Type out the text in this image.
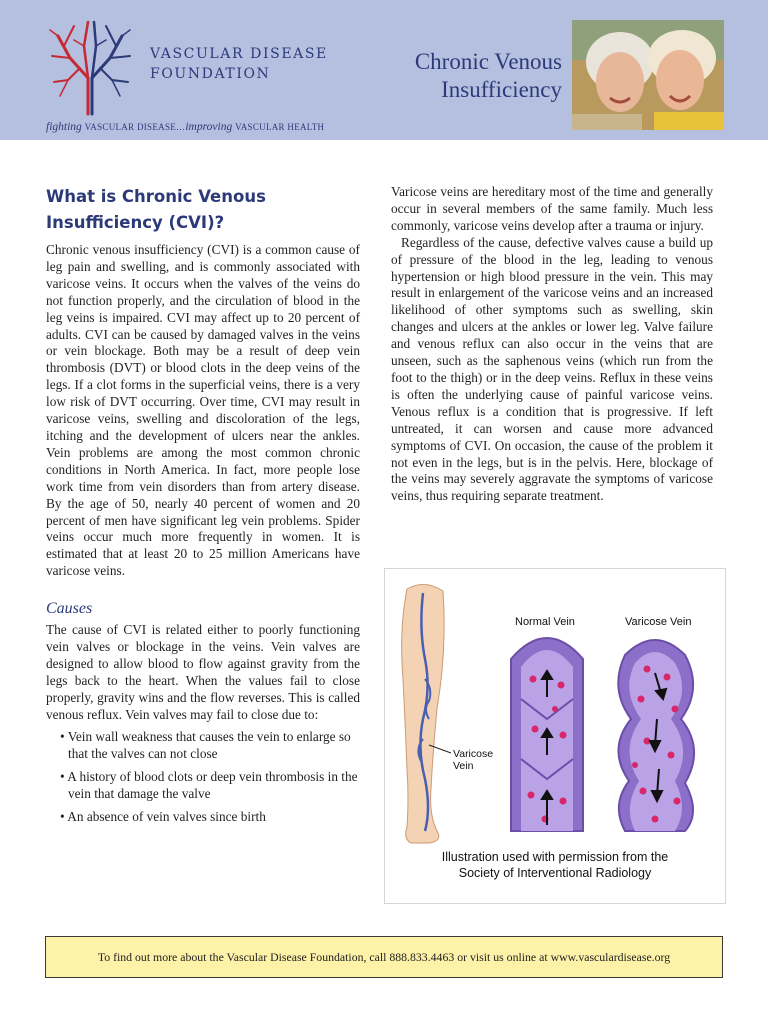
VASCULAR DISEASE
FOUNDATION
fighting VASCULAR DISEASE…improving VASCULAR HEALTH
Chronic Venous
Insufficiency
What is Chronic Venous
Insufficiency (CVI)?

Chronic venous insufficiency (CVI) is a common cause of leg pain and swelling, and is commonly associated with varicose veins. It occurs when the valves of the veins do not function properly, and the circulation of blood in the leg veins is impaired. CVI may affect up to 20 percent of adults. CVI can be caused by damaged valves in the veins or vein blockage. Both may be a result of deep vein thrombosis (DVT) or blood clots in the deep veins of the legs. If a clot forms in the superficial veins, there is a very low risk of DVT occurring. Over time, CVI may result in varicose veins, swelling and discoloration of the legs, itching and the development of ulcers near the ankles. Vein problems are among the most common chronic conditions in North America. In fact, more people lose work time from vein disorders than from artery disease. By the age of 50, nearly 40 percent of women and 20 percent of men have significant leg vein problems. Spider veins occur much more frequently in women. It is estimated that at least 20 to 25 million Americans have varicose veins.

Causes

The cause of CVI is related either to poorly functioning vein valves or blockage in the veins. Vein valves are designed to allow blood to flow against gravity from the legs back to the heart. When the values fail to close properly, gravity wins and the flow reverses. This is called venous reflux. Vein valves may fail to close due to:

• Vein wall weakness that causes the vein to enlarge so that the valves can not close
• A history of blood clots or deep vein thrombosis in the vein that damage the valve
• An absence of vein valves since birth

Varicose veins are hereditary most of the time and generally occur in several members of the same family. Much less commonly, varicose veins develop after a trauma or injury.

Regardless of the cause, defective valves cause a build up of pressure of the blood in the leg, leading to venous hypertension or high blood pressure in the vein. This may result in enlargement of the varicose veins and an increased likelihood of other symptoms such as swelling, skin changes and ulcers at the ankles or lower leg. Valve failure and venous reflux can also occur in the veins that are unseen, such as the saphenous veins (which run from the foot to the thigh) or in the deep veins. Reflux in these veins is often the underlying cause of painful varicose veins. Venous reflux is a condition that is progressive. If left untreated, it can worsen and cause more advanced symptoms of CVI. On occasion, the cause of the problem it not even in the legs, but is in the pelvis. Here, blockage of the veins may severely aggravate the symptoms of varicose veins, thus requiring separate treatment.

Varicose
Vein
Normal Vein	Varicose Vein
Illustration used with permission from the
Society of Interventional Radiology
To find out more about the Vascular Disease Foundation, call 888.833.4463 or visit us online at www.vasculardisease.org
